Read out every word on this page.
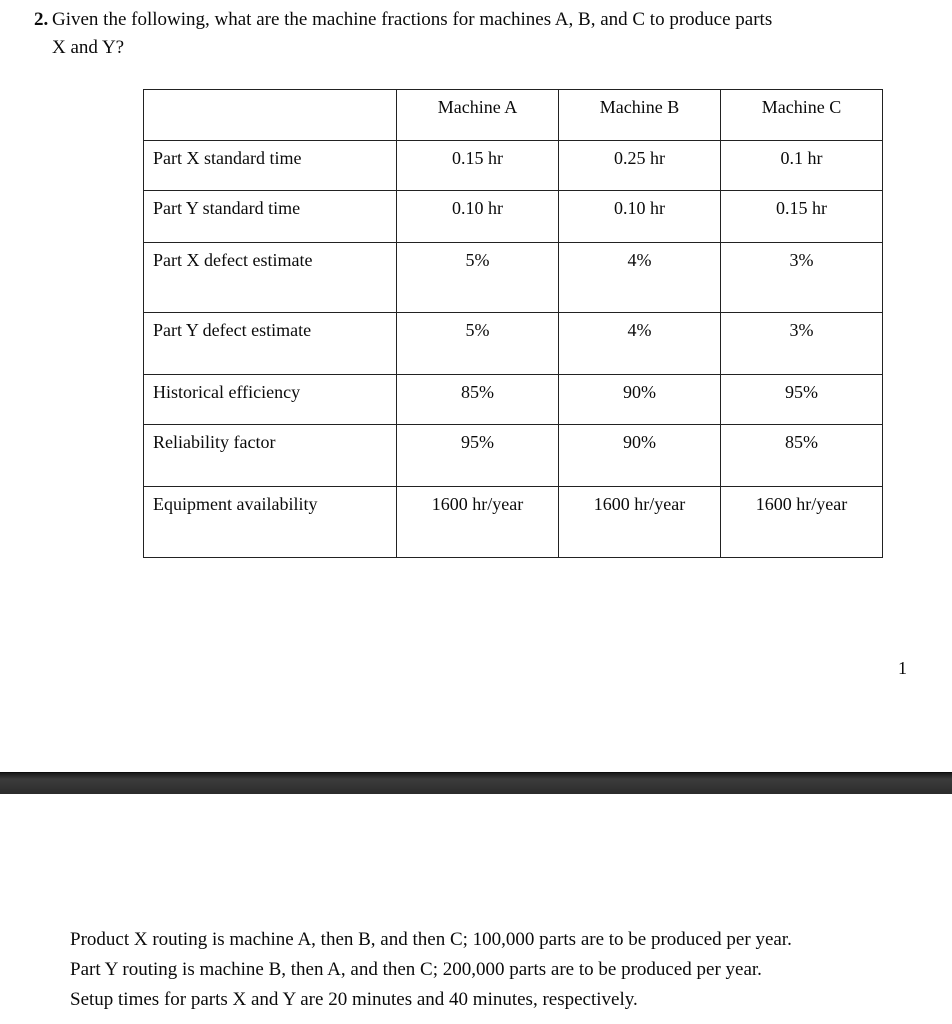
2. Given the following, what are the machine fractions for machines A, B, and C to produce parts
X and Y?
	Machine A	Machine B	Machine C
Part X standard time	0.15 hr	0.25 hr	0.1 hr
Part Y standard time	0.10 hr	0.10 hr	0.15 hr
Part X defect estimate	5%	4%	3%
Part Y defect estimate	5%	4%	3%
Historical efficiency	85%	90%	95%
Reliability factor	95%	90%	85%
Equipment availability	1600 hr/year	1600 hr/year	1600 hr/year
1

Product X routing is machine A, then B, and then C; 100,000 parts are to be produced per year.

Part Y routing is machine B, then A, and then C; 200,000 parts are to be produced per year.

Setup times for parts X and Y are 20 minutes and 40 minutes, respectively.
